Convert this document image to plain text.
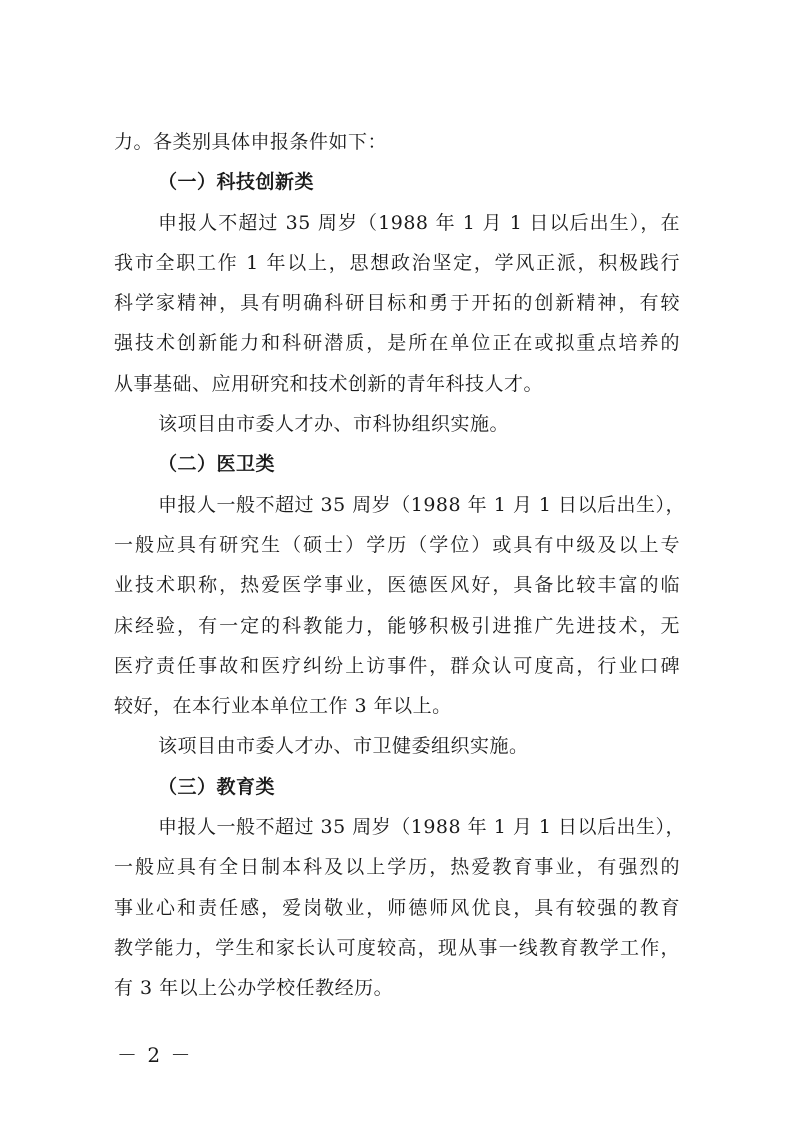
力。各类别具体申报条件如下：
（一）科技创新类
申报人不超过 35 周岁（1988 年 1 月 1 日以后出生），在
我市全职工作 1 年以上，思想政治坚定，学风正派，积极践行
科学家精神，具有明确科研目标和勇于开拓的创新精神，有较
强技术创新能力和科研潜质，是所在单位正在或拟重点培养的
从事基础、应用研究和技术创新的青年科技人才。
该项目由市委人才办、市科协组织实施。
（二）医卫类
申报人一般不超过 35 周岁（1988 年 1 月 1 日以后出生），
一般应具有研究生（硕士）学历（学位）或具有中级及以上专
业技术职称，热爱医学事业，医德医风好，具备比较丰富的临
床经验，有一定的科教能力，能够积极引进推广先进技术，无
医疗责任事故和医疗纠纷上访事件，群众认可度高，行业口碑
较好，在本行业本单位工作 3 年以上。
该项目由市委人才办、市卫健委组织实施。
（三）教育类
申报人一般不超过 35 周岁（1988 年 1 月 1 日以后出生），
一般应具有全日制本科及以上学历，热爱教育事业，有强烈的
事业心和责任感，爱岗敬业，师德师风优良，具有较强的教育
教学能力，学生和家长认可度较高，现从事一线教育教学工作，
有 3 年以上公办学校任教经历。
－ 2 －
